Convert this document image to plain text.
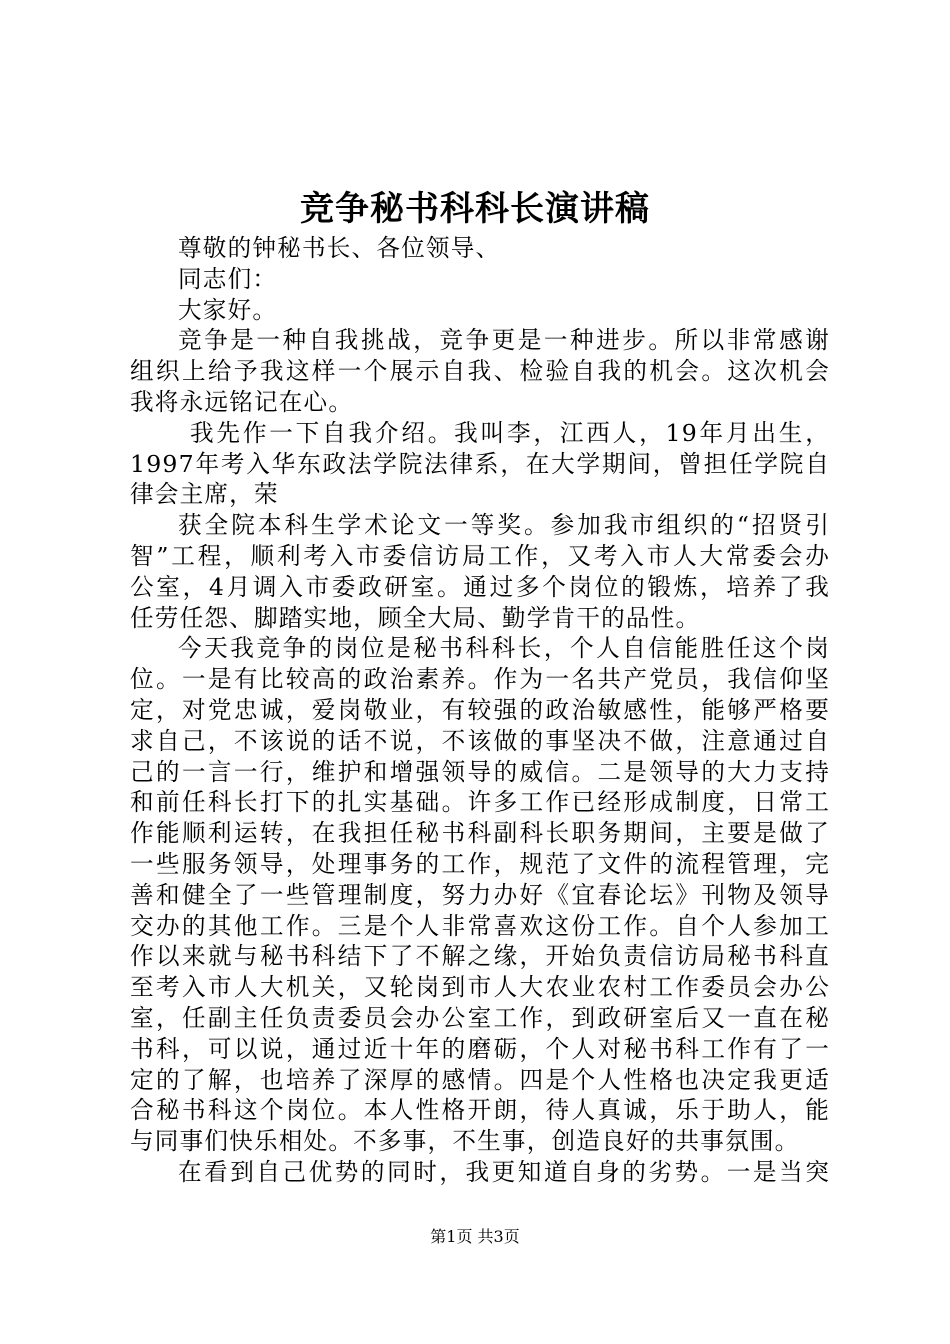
竞争秘书科科长演讲稿
尊敬的钟秘书长、各位领导、
同志们：
大家好。
竞争是一种自我挑战，竞争更是一种进步。所以非常感谢
组织上给予我这样一个展示自我、检验自我的机会。这次机会
我将永远铭记在心。
我先作一下自我介绍。我叫李，江西人，19年月出生，
1997年考入华东政法学院法律系，在大学期间，曾担任学院自
律会主席，荣
获全院本科生学术论文一等奖。参加我市组织的“招贤引
智”工程，顺利考入市委信访局工作，又考入市人大常委会办
公室，4月调入市委政研室。通过多个岗位的锻炼，培养了我
任劳任怨、脚踏实地，顾全大局、勤学肯干的品性。
今天我竞争的岗位是秘书科科长，个人自信能胜任这个岗
位。一是有比较高的政治素养。作为一名共产党员，我信仰坚
定，对党忠诚，爱岗敬业，有较强的政治敏感性，能够严格要
求自己，不该说的话不说，不该做的事坚决不做，注意通过自
己的一言一行，维护和增强领导的威信。二是领导的大力支持
和前任科长打下的扎实基础。许多工作已经形成制度，日常工
作能顺利运转，在我担任秘书科副科长职务期间，主要是做了
一些服务领导，处理事务的工作，规范了文件的流程管理，完
善和健全了一些管理制度，努力办好《宜春论坛》刊物及领导
交办的其他工作。三是个人非常喜欢这份工作。自个人参加工
作以来就与秘书科结下了不解之缘，开始负责信访局秘书科直
至考入市人大机关，又轮岗到市人大农业农村工作委员会办公
室，任副主任负责委员会办公室工作，到政研室后又一直在秘
书科，可以说，通过近十年的磨砺，个人对秘书科工作有了一
定的了解，也培养了深厚的感情。四是个人性格也决定我更适
合秘书科这个岗位。本人性格开朗，待人真诚，乐于助人，能
与同事们快乐相处。不多事，不生事，创造良好的共事氛围。
在看到自己优势的同时，我更知道自身的劣势。一是当突
第1页 共3页
